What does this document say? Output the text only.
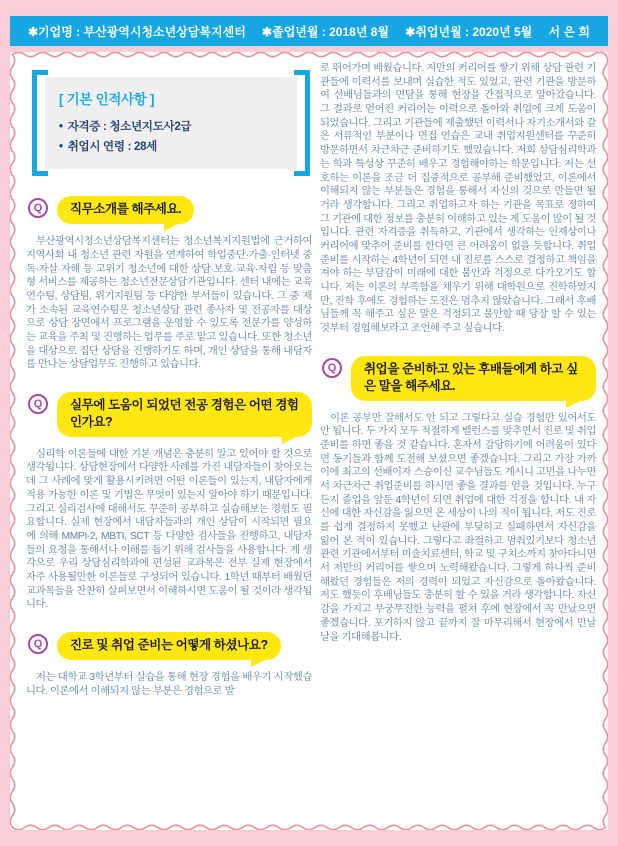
✱기업명 : 부산광역시청소년상담복지센터 ✱졸업년월 : 2018년 8월 ✱취업년월 : 2020년 5월 서 은 희
[ 기본 인적사항 ]
• 자격증 : 청소년지도사2급
• 취업시 연령 : 28세
Q	직무소개를 해주세요.

부산광역시청소년상담복지센터는 청소년복지지원법에 근거하여 지역사회 내 청소년 관련 자원을 연계하여 학업중단·가출·인터넷 중독·자살·자해 등 고위기 청소년에 대한 상담·보호·교육·자립 등 맞춤형 서비스를 제공하는 청소년전문상담기관입니다. 센터 내에는 교육연수팀, 상담팀, 위기지원팀 등 다양한 부서들이 있습니다. 그 중 제가 소속된 교육연수팀은 청소년상담 관련 종사자 및 전공자를 대상으로 상담 장면에서 프로그램을 운영할 수 있도록 전문가를 양성하는 교육을 주최 및 진행하는 업무를 주로 맡고 있습니다. 또한 청소년을 대상으로 집단 상담을 진행하기도 하며, 개인 상담을 통해 내담자를 만나는 상담업무도 진행하고 있습니다.

Q	실무에 도움이 되었던 전공 경험은 어떤 경험인가요?

심리학 이론들에 대한 기본 개념은 충분히 알고 있어야 할 것으로 생각됩니다. 상담현장에서 다양한 사례를 가진 내담자들이 찾아오는데 그 사례에 맞게 활용시키려면 어떤 이론들이 있는지, 내담자에게 적용 가능한 이론 및 기법은 무엇이 있는지 알아야 하기 때문입니다. 그리고 심리검사에 대해서도 꾸준히 공부하고 실습해보는 경험도 필요합니다. 실제 현장에서 내담자들과의 개인 상담이 시작되면 필요에 의해 MMPI-2, MBTI, SCT 등 다양한 검사들을 진행하고, 내담자들의 요청을 통해서나 이해를 돕기 위해 검사들을 사용합니다. 제 생각으로 우리 상담심리학과에 편성된 교과목은 전부 실제 현장에서 자주 사용될만한 이론들로 구성되어 있습니다. 1학년 때부터 배웠던 교과목들을 찬찬히 살펴보면서 이해하시면 도움이 될 것이라 생각됩니다.

Q	진로 및 취업 준비는 어떻게 하셨나요?

저는 대학교 3학년부터 실습을 통해 현장 경험을 배우기 시작했습니다. 이론에서 이해되지 않는 부분은 경험으로 발

로 뛰어가며 배웠습니다. 저만의 커리어를 쌓기 위해 상담 관련 기관들에 이력서를 보내며 실습한 적도 있었고, 관련 기관을 방문하여 선배님들과의 면담을 통해 현장을 간접적으로 알아갔습니다. 그 결과로 얻어진 커리어는 이력으로 돌아와 취업에 크게 도움이 되었습니다. 그리고 기관들에 제출했던 이력서나 자기소개서와 같은 서류적인 부분이나 면접 연습은 교내 취업지원센터를 꾸준히 방문하면서 차근차근 준비하기도 했었습니다. 저희 상담심리학과는 학과 특성상 꾸준히 배우고 경험해야하는 학문입니다. 저는 선호하는 이론을 조금 더 집중적으로 공부해 준비했었고, 이론에서 이해되지 않는 부분들은 경험을 통해서 자신의 것으로 만들면 될 거라 생각합니다. 그리고 취업하고자 하는 기관을 목표로 정하여 그 기관에 대한 정보를 충분히 이해하고 있는 게 도움이 많이 될 것입니다. 관련 자격증을 취득하고, 기관에서 생각하는 인재상이나 커리어에 맞추어 준비를 한다면 큰 어려움이 없을 듯합니다. 취업준비를 시작하는 4학년이 되면 내 진로를 스스로 결정하고 책임을 져야 하는 부담감이 미래에 대한 불안과 걱정으로 다가오기도 합니다. 저는 이론의 부족함을 채우기 위해 대학원으로 진학하였지만, 진학 후에도 경험하는 도전은 멈추지 않았습니다. 그래서 후배님들께 꼭 해주고 싶은 말은 걱정되고 불안할 때 당장 할 수 있는 것부터 경험해보라고 조언해 주고 싶습니다.

Q	취업을 준비하고 있는 후배들에게 하고 싶은 말을 해주세요.

이론 공부만 잘해서도 안 되고 그렇다고 실습 경험만 있어서도 안 됩니다. 두 가지 모두 적절하게 밸런스를 맞추면서 진로 및 취업준비를 하면 좋을 것 같습니다. 혼자서 감당하기에 어려움이 있다면 동기들과 함께 도전해 보셨으면 좋겠습니다. 그리고 가장 가까이에 최고의 선배이자 스승이신 교수님들도 계시니 고민을 나누면서 차근차근 취업준비를 하시면 좋을 결과를 얻을 것입니다. 누구든지 졸업을 앞둔 4학년이 되면 취업에 대한 걱정을 합니다. 내 자신에 대한 자신감을 잃으면 온 세상이 나의 적이 됩니다. 저도 진로를 쉽게 결정하지 못했고 난관에 부딪히고 실패하면서 자신감을 잃어 본 적이 있습니다. 그렇다고 좌절하고 멈춰있기보다 청소년 관련 기관에서부터 미술치료센터, 학교 및 구치소까지 찾아다니면서 저만의 커리어를 쌓으며 노력해왔습니다. 그렇게 하나씩 준비해왔던 경험들은 저의 경력이 되었고 자신감으로 돌아왔습니다. 저도 했듯이 후배님들도 충분히 할 수 있을 거라 생각합니다. 자신감을 가지고 무궁무진한 능력을 펼쳐 후에 현장에서 꼭 만났으면 좋겠습니다. 포기하지 않고 끝까지 잘 마무리해서 현장에서 만날 날을 기대해봅니다.
